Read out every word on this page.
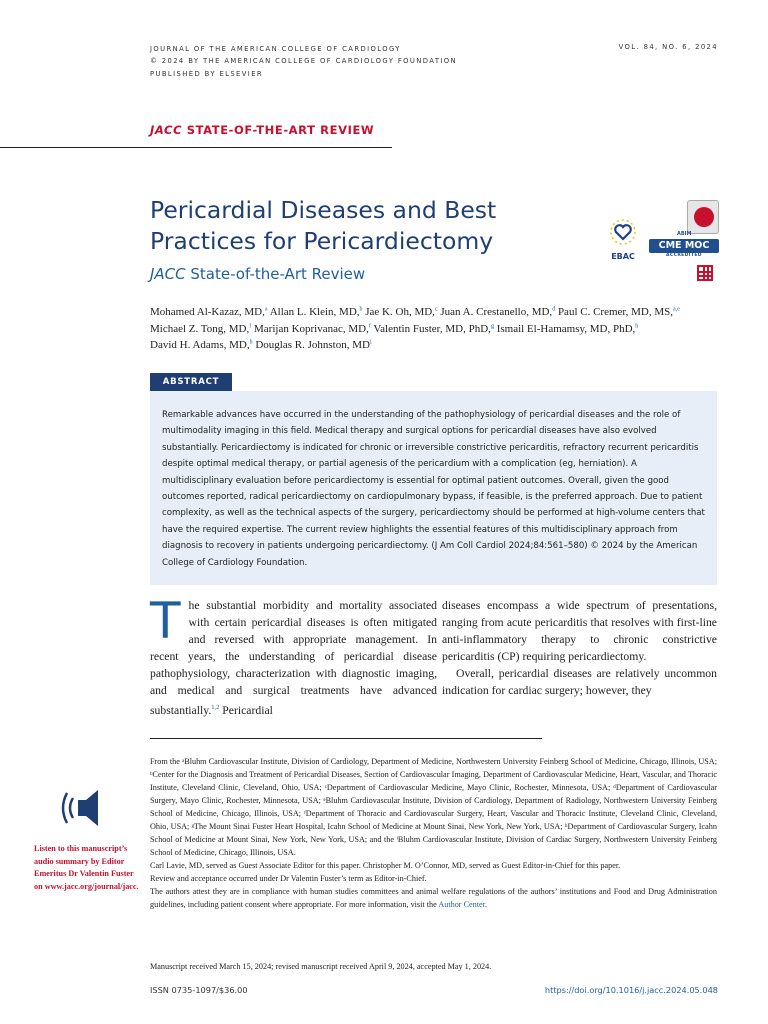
JOURNAL OF THE AMERICAN COLLEGE OF CARDIOLOGY
© 2024 BY THE AMERICAN COLLEGE OF CARDIOLOGY FOUNDATION
PUBLISHED BY ELSEVIER
VOL. 84, NO. 6, 2024
JACC STATE-OF-THE-ART REVIEW
Pericardial Diseases and Best Practices for Pericardiectomy
JACC State-of-the-Art Review
EBAC
ABIM
CME MOC
ACCREDITED
Mohamed Al-Kazaz, MD,$^a$ Allan L. Klein, MD,$^b$ Jae K. Oh, MD,$^c$ Juan A. Crestanello, MD,$^d$ Paul C. Cremer, MD, MS,$^{a,e}$
Michael Z. Tong, MD,$^f$ Marijan Koprivanac, MD,$^f$ Valentin Fuster, MD, PhD,$^g$ Ismail El-Hamamsy, MD, PhD,$^h$
David H. Adams, MD,$^h$ Douglas R. Johnston, $MD^i$
ABSTRACT

Remarkable advances have occurred in the understanding of the pathophysiology of pericardial diseases and the role of multimodality imaging in this field. Medical therapy and surgical options for pericardial diseases have also evolved substantially. Pericardiectomy is indicated for chronic or irreversible constrictive pericarditis, refractory recurrent pericarditis despite optimal medical therapy, or partial agenesis of the pericardium with a complication (eg, herniation). A multidisciplinary evaluation before pericardiectomy is essential for optimal patient outcomes. Overall, given the good outcomes reported, radical pericardiectomy on cardiopulmonary bypass, if feasible, is the preferred approach. Due to patient complexity, as well as the technical aspects of the surgery, pericardiectomy should be performed at high-volume centers that have the required expertise. The current review highlights the essential features of this multidisciplinary approach from diagnosis to recovery in patients undergoing pericardiectomy. (J Am Coll Cardiol 2024;84:561–580) © 2024 by the American College of Cardiology Foundation.

The substantial morbidity and mortality associated with certain pericardial diseases is often mitigated and reversed with appropriate management. In recent years, the understanding of pericardial disease pathophysiology, characterization with diagnostic imaging, and medical and surgical treatments have advanced substantially.$^{1,2}$ Pericardial

diseases encompass a wide spectrum of presentations, ranging from acute pericarditis that resolves with first-line anti-inflammatory therapy to chronic constrictive pericarditis (CP) requiring pericardiectomy.

Overall, pericardial diseases are relatively uncommon indication for cardiac surgery; however, they

From the ᵃBluhm Cardiovascular Institute, Division of Cardiology, Department of Medicine, Northwestern University Feinberg School of Medicine, Chicago, Illinois, USA; ᵇCenter for the Diagnosis and Treatment of Pericardial Diseases, Section of Cardiovascular Imaging, Department of Cardiovascular Medicine, Heart, Vascular, and Thoracic Institute, Cleveland Clinic, Cleveland, Ohio, USA; ᶜDepartment of Cardiovascular Medicine, Mayo Clinic, Rochester, Minnesota, USA; ᵈDepartment of Cardiovascular Surgery, Mayo Clinic, Rochester, Minnesota, USA; ᵉBluhm Cardiovascular Institute, Division of Cardiology, Department of Radiology, Northwestern University Feinberg School of Medicine, Chicago, Illinois, USA; ᶠDepartment of Thoracic and Cardiovascular Surgery, Heart, Vascular and Thoracic Institute, Cleveland Clinic, Cleveland, Ohio, USA; ᵍThe Mount Sinai Fuster Heart Hospital, Icahn School of Medicine at Mount Sinai, New York, New York, USA; ʰDepartment of Cardiovascular Surgery, Icahn School of Medicine at Mount Sinai, New York, New York, USA; and the ⁱBluhm Cardiovascular Institute, Division of Cardiac Surgery, Northwestern University Feinberg School of Medicine, Chicago, Illinois, USA.
Carl Lavie, MD, served as Guest Associate Editor for this paper. Christopher M. O’Connor, MD, served as Guest Editor-in-Chief for this paper.
Review and acceptance occurred under Dr Valentin Fuster’s term as Editor-in-Chief.
The authors attest they are in compliance with human studies committees and animal welfare regulations of the authors’ institutions and Food and Drug Administration guidelines, including patient consent where appropriate. For more information, visit the Author Center.
Manuscript received March 15, 2024; revised manuscript received April 9, 2024, accepted May 1, 2024.
Listen to this manuscript’s audio summary by Editor Emeritus Dr Valentin Fuster on www.jacc.org/journal/jacc.
ISSN 0735-1097/$36.00	https://doi.org/10.1016/j.jacc.2024.05.048
